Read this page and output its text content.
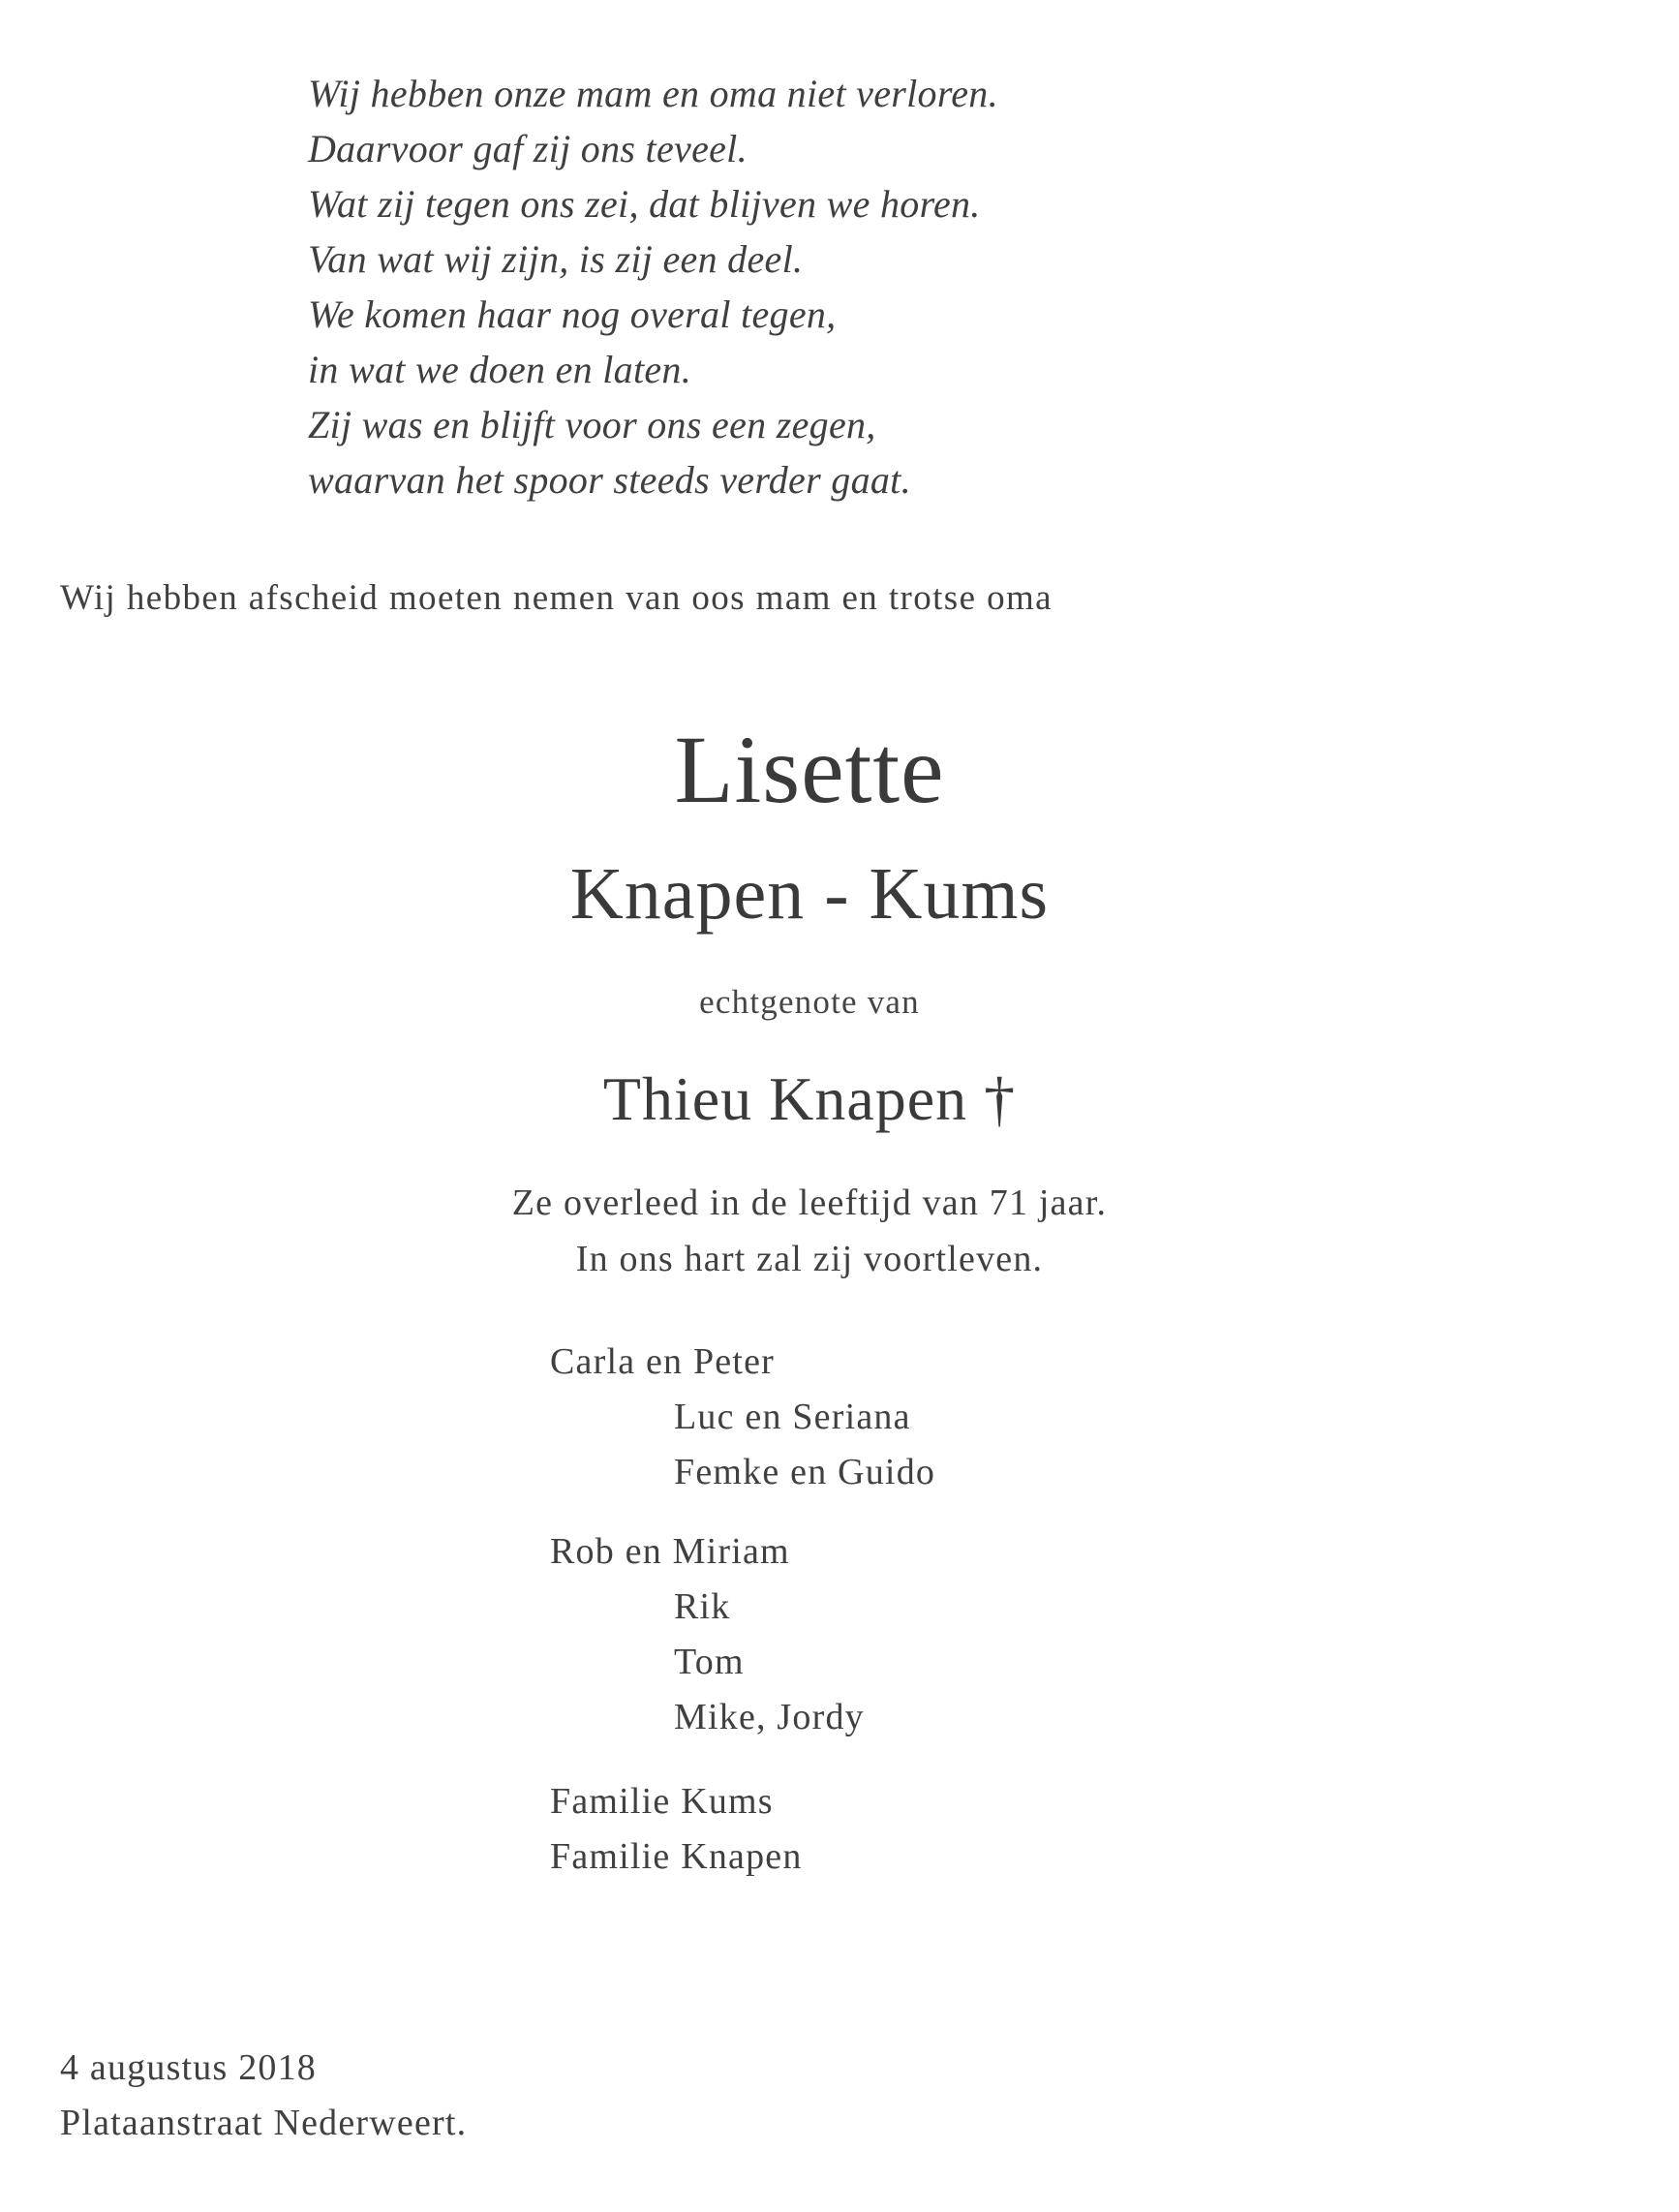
Wij hebben onze mam en oma niet verloren.
Daarvoor gaf zij ons teveel.
Wat zij tegen ons zei, dat blijven we horen.
Van wat wij zijn, is zij een deel.
We komen haar nog overal tegen,
in wat we doen en laten.
Zij was en blijft voor ons een zegen,
waarvan het spoor steeds verder gaat.
Wij hebben afscheid moeten nemen van oos mam en trotse oma
Lisette
Knapen - Kums
echtgenote van
Thieu Knapen †
Ze overleed in de leeftijd van 71 jaar.
In ons hart zal zij voortleven.
Carla en Peter
Luc en Seriana
Femke en Guido
Rob en Miriam
Rik
Tom
Mike, Jordy
Familie Kums
Familie Knapen
4 augustus 2018
Plataanstraat Nederweert.
